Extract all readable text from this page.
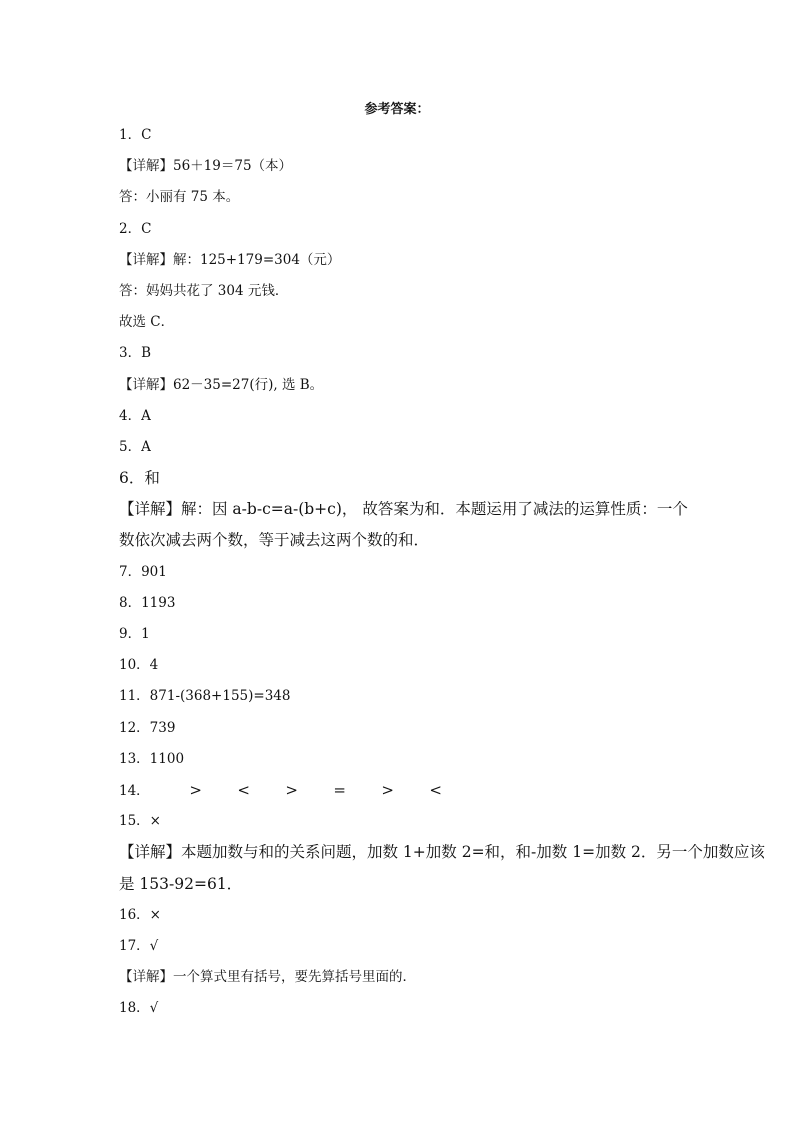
参考答案：
1．C
【详解】56＋19＝75（本）
答：小丽有 75 本。
2．C
【详解】解：125+179=304（元）
答：妈妈共花了 304 元钱．
故选 C．
3．B
【详解】62－35=27(行), 选 B。
4．A
5．A
6．和
【详解】解：因 a-b-c=a-(b+c)， 故答案为和．本题运用了减法的运算性质：一个
数依次减去两个数，等于减去这两个数的和．
7．901
8．1193
9．1
10．4
11．871-(368+155)=348
12．739
13．1100
14．	> < > = > <
15．×
【详解】本题加数与和的关系问题，加数 1+加数 2=和，和-加数 1=加数 2．另一个加数应该
是 153-92=61．
16．×
17．√
【详解】一个算式里有括号，要先算括号里面的．
18．√
